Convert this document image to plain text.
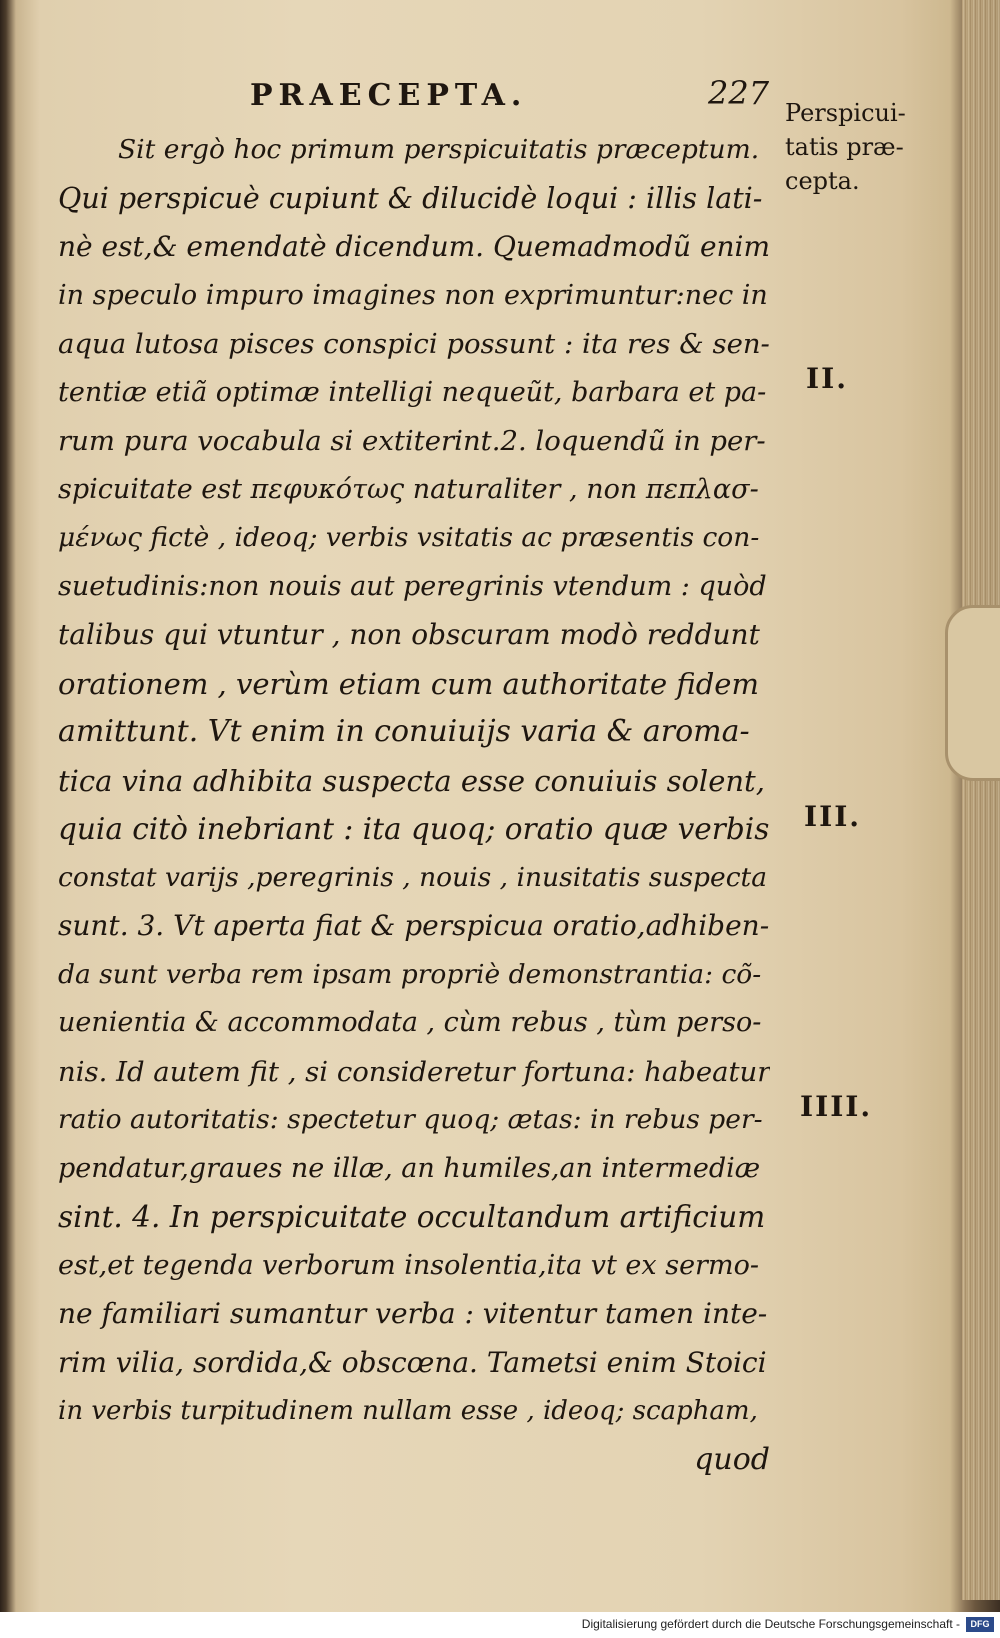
PRAECEPTA.	227
Perspicui-
tatis præ-
cepta.
II.
III.
IIII.
Sit ergò hoc primum perspicuitatis præceptum.
Qui perspicuè cupiunt & dilucidè loqui : illis lati-
nè est,& emendatè dicendum. Quemadmodũ enim
in speculo impuro imagines non exprimuntur:nec in
aqua lutosa pisces conspici possunt : ita res & sen-
tentiæ etiã optimæ intelligi nequeũt, barbara et pa-
rum pura vocabula si extiterint.2. loquendũ in per-
spicuitate est πεφυκότως naturaliter , non πεπλασ-
μένως fictè , ideoq; verbis vsitatis ac præsentis con-
suetudinis:non nouis aut peregrinis vtendum : quòd
talibus qui vtuntur , non obscuram modò reddunt
orationem , verùm etiam cum authoritate fidem
amittunt. Vt enim in conuiuijs varia & aroma-
tica vina adhibita suspecta esse conuiuis solent,
quia citò inebriant : ita quoq; oratio quæ verbis
constat varijs ,peregrinis , nouis , inusitatis suspecta
sunt. 3. Vt aperta fiat & perspicua oratio,adhiben-
da sunt verba rem ipsam propriè demonstrantia: cõ-
uenientia & accommodata , cùm rebus , tùm perso-
nis. Id autem fit , si consideretur fortuna: habeatur
ratio autoritatis: spectetur quoq; ætas: in rebus per-
pendatur,graues ne illæ, an humiles,an intermediæ
sint. 4. In perspicuitate occultandum artificium
est,et tegenda verborum insolentia,ita vt ex sermo-
ne familiari sumantur verba : vitentur tamen inte-
rim vilia, sordida,& obscœna. Tametsi enim Stoici
in verbis turpitudinem nullam esse , ideoq; scapham,
quod
Digitalisierung gefördert durch die Deutsche Forschungsgemeinschaft -	DFG
